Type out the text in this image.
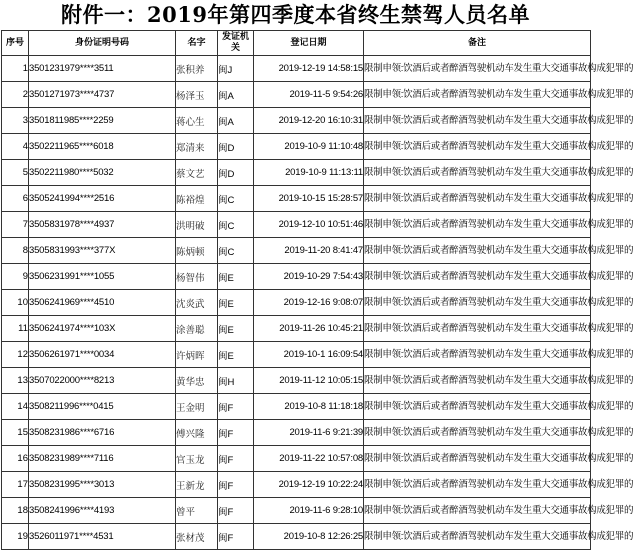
附件一：2019年第四季度本省终生禁驾人员名单
序号	身份证明号码	名字	发证机关	登记日期	备注
1	3501231979****3511	张积养	闽J	2019-12-19 14:58:15	限制申领:饮酒后或者醉酒驾驶机动车发生重大交通事故构成犯罪的
2	3501271973****4737	杨泽玉	闽A	2019-11-5 9:54:26	限制申领:饮酒后或者醉酒驾驶机动车发生重大交通事故构成犯罪的
3	3501811985****2259	蒋心生	闽A	2019-12-20 16:10:31	限制申领:饮酒后或者醉酒驾驶机动车发生重大交通事故构成犯罪的
4	3502211965****6018	郑清来	闽D	2019-10-9 11:10:48	限制申领:饮酒后或者醉酒驾驶机动车发生重大交通事故构成犯罪的
5	3502211980****5032	蔡文艺	闽D	2019-10-9 11:13:11	限制申领:饮酒后或者醉酒驾驶机动车发生重大交通事故构成犯罪的
6	3505241994****2516	陈裕煌	闽C	2019-10-15 15:28:57	限制申领:饮酒后或者醉酒驾驶机动车发生重大交通事故构成犯罪的
7	3505831978****4937	洪明破	闽C	2019-12-10 10:51:46	限制申领:饮酒后或者醉酒驾驶机动车发生重大交通事故构成犯罪的
8	3505831993****377X	陈炳顿	闽C	2019-11-20 8:41:47	限制申领:饮酒后或者醉酒驾驶机动车发生重大交通事故构成犯罪的
9	3506231991****1055	杨智伟	闽E	2019-10-29 7:54:43	限制申领:饮酒后或者醉酒驾驶机动车发生重大交通事故构成犯罪的
10	3506241969****4510	沈炎武	闽E	2019-12-16 9:08:07	限制申领:饮酒后或者醉酒驾驶机动车发生重大交通事故构成犯罪的
11	3506241974****103X	涂善聪	闽E	2019-11-26 10:45:21	限制申领:饮酒后或者醉酒驾驶机动车发生重大交通事故构成犯罪的
12	3506261971****0034	许炳晖	闽E	2019-10-1 16:09:54	限制申领:饮酒后或者醉酒驾驶机动车发生重大交通事故构成犯罪的
13	3507022000****8213	黄华忠	闽H	2019-11-12 10:05:15	限制申领:饮酒后或者醉酒驾驶机动车发生重大交通事故构成犯罪的
14	3508211996****0415	王金明	闽F	2019-10-8 11:18:18	限制申领:饮酒后或者醉酒驾驶机动车发生重大交通事故构成犯罪的
15	3508231986****6716	傅兴隆	闽F	2019-11-6 9:21:39	限制申领:饮酒后或者醉酒驾驶机动车发生重大交通事故构成犯罪的
16	3508231989****7116	官玉龙	闽F	2019-11-22 10:57:08	限制申领:饮酒后或者醉酒驾驶机动车发生重大交通事故构成犯罪的
17	3508231995****3013	王新龙	闽F	2019-12-19 10:22:24	限制申领:饮酒后或者醉酒驾驶机动车发生重大交通事故构成犯罪的
18	3508241996****4193	曾平	闽F	2019-11-6 9:28:10	限制申领:饮酒后或者醉酒驾驶机动车发生重大交通事故构成犯罪的
19	3526011971****4531	张材茂	闽F	2019-10-8 12:26:25	限制申领:饮酒后或者醉酒驾驶机动车发生重大交通事故构成犯罪的
